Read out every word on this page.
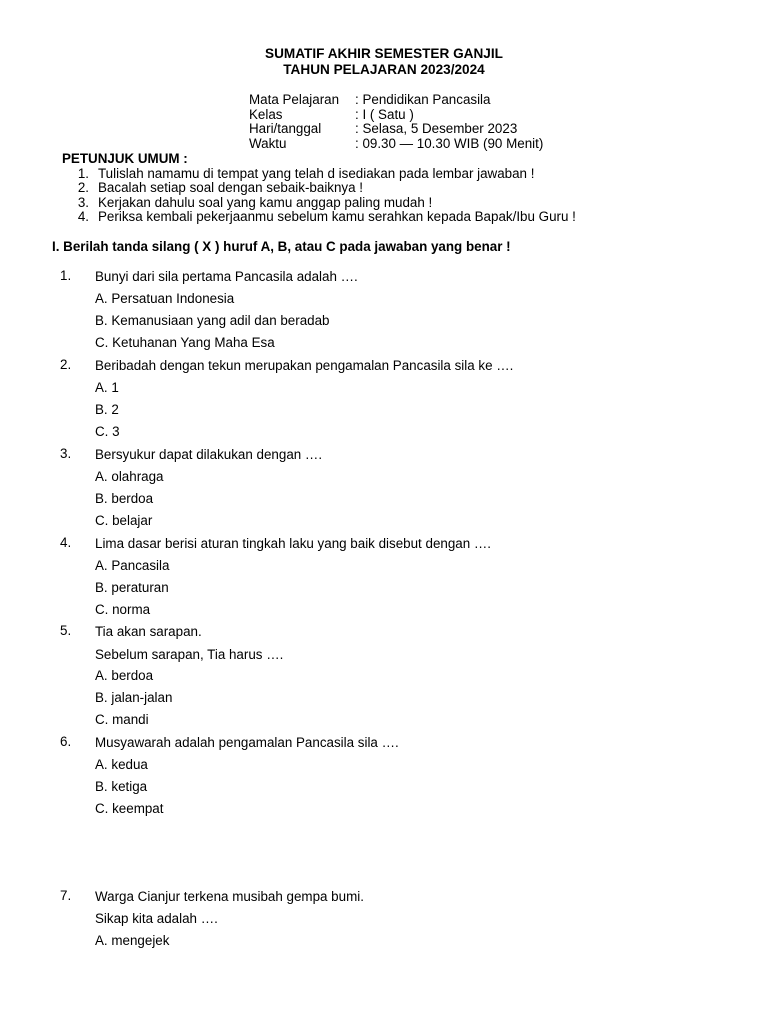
SUMATIF AKHIR SEMESTER GANJIL
TAHUN PELAJARAN 2023/2024
Mata Pelajaran : Pendidikan Pancasila
Kelas	: I ( Satu )
Hari/tanggal	: Selasa, 5 Desember 2023
Waktu	: 09.30 — 10.30 WIB (90 Menit)
PETUNJUK UMUM :
1. Tulislah namamu di tempat yang telah d isediakan pada lembar jawaban !
2. Bacalah setiap soal dengan sebaik-baiknya !
3. Kerjakan dahulu soal yang kamu anggap paling mudah !
4. Periksa kembali pekerjaanmu sebelum kamu serahkan kepada Bapak/Ibu Guru !
I. Berilah tanda silang ( X ) huruf A, B, atau C pada jawaban yang benar !
1. Bunyi dari sila pertama Pancasila adalah ….
A. Persatuan Indonesia
B. Kemanusiaan yang adil dan beradab
C. Ketuhanan Yang Maha Esa
2. Beribadah dengan tekun merupakan pengamalan Pancasila sila ke ….
A. 1
B. 2
C. 3
3. Bersyukur dapat dilakukan dengan ….
A. olahraga
B. berdoa
C. belajar
4. Lima dasar berisi aturan tingkah laku yang baik disebut dengan ….
A. Pancasila
B. peraturan
C. norma
5. Tia akan sarapan.
Sebelum sarapan, Tia harus ….
A. berdoa
B. jalan-jalan
C. mandi
6. Musyawarah adalah pengamalan Pancasila sila ….
A. kedua
B. ketiga
C. keempat
7. Warga Cianjur terkena musibah gempa bumi.
Sikap kita adalah ….
A. mengejek
